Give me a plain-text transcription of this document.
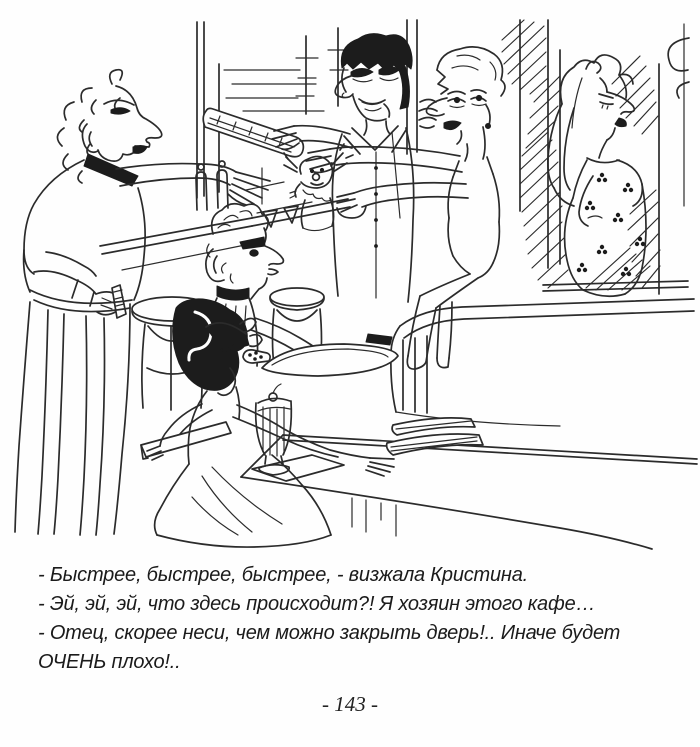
- Быстрее, быстрее, быстрее, - визжала Кристина.
- Эй, эй, эй, что здесь происходит?! Я хозяин этого кафе…
- Отец, скорее неси, чем можно закрыть дверь!.. Иначе будет
ОЧЕНЬ плохо!..
- 143 -
